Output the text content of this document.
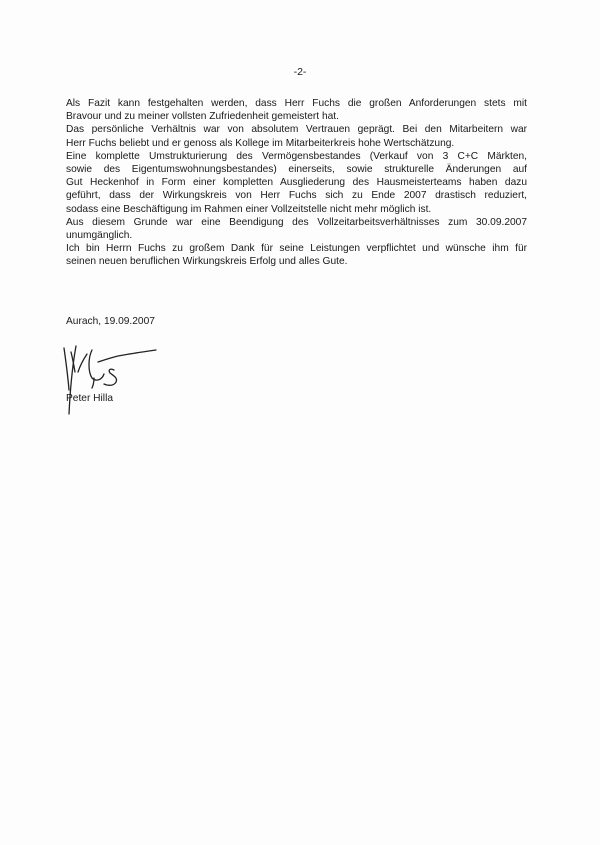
-2-
Als Fazit kann festgehalten werden, dass Herr Fuchs die großen Anforderungen stets mit
Bravour und zu meiner vollsten Zufriedenheit gemeistert hat.
Das persönliche Verhältnis war von absolutem Vertrauen geprägt. Bei den Mitarbeitern war
Herr Fuchs beliebt und er genoss als Kollege im Mitarbeiterkreis hohe Wertschätzung.
Eine komplette Umstrukturierung des Vermögensbestandes (Verkauf von 3 C+C Märkten,
sowie des Eigentumswohnungsbestandes) einerseits, sowie strukturelle Änderungen auf
Gut Heckenhof in Form einer kompletten Ausgliederung des Hausmeisterteams haben dazu
geführt, dass der Wirkungskreis von Herr Fuchs sich zu Ende 2007 drastisch reduziert,
sodass eine Beschäftigung im Rahmen einer Vollzeitstelle nicht mehr möglich ist.
Aus diesem Grunde war eine Beendigung des Vollzeitarbeitsverhältnisses zum 30.09.2007
unumgänglich.
Ich bin Herrn Fuchs zu großem Dank für seine Leistungen verpflichtet und wünsche ihm für
seinen neuen beruflichen Wirkungskreis Erfolg und alles Gute.
Aurach, 19.09.2007
Peter Hilla
